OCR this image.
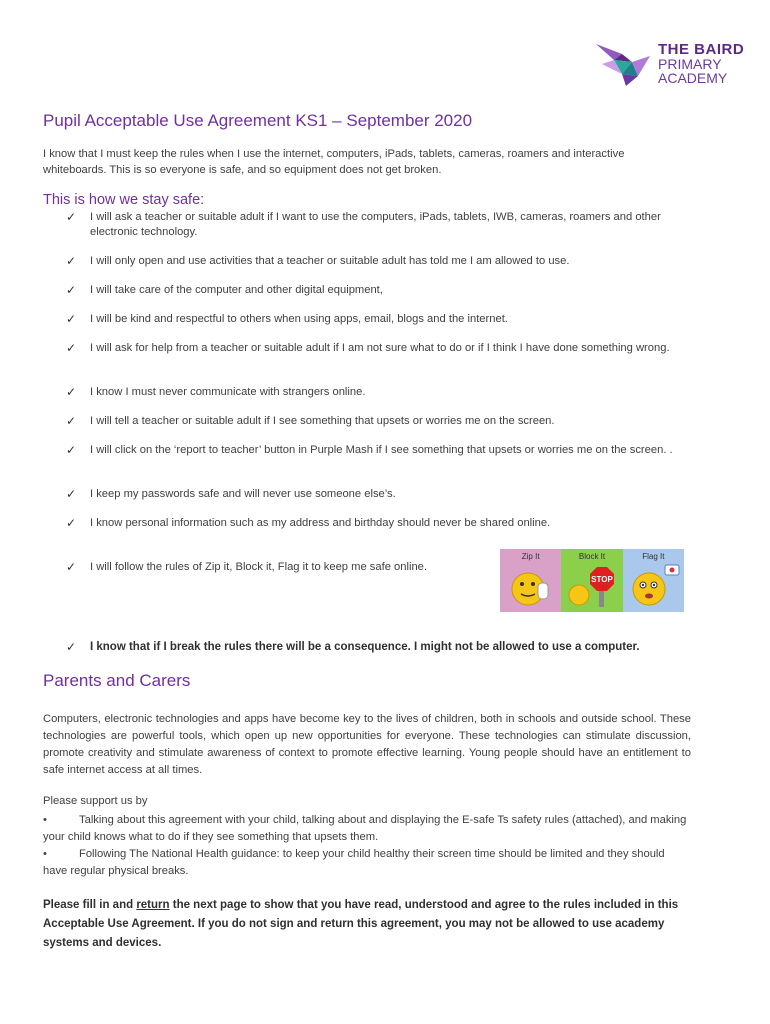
THE BAIRD
PRIMARY
ACADEMY
Pupil Acceptable Use Agreement KS1 – September 2020
I know that I must keep the rules when I use the internet, computers, iPads, tablets, cameras, roamers and interactive whiteboards. This is so everyone is safe, and so equipment does not get broken.
This is how we stay safe:
✓ I will ask a teacher or suitable adult if I want to use the computers, iPads, tablets, IWB, cameras, roamers and other electronic technology.
✓ I will only open and use activities that a teacher or suitable adult has told me I am allowed to use.
✓ I will take care of the computer and other digital equipment,
✓ I will be kind and respectful to others when using apps, email, blogs and the internet.
✓ I will ask for help from a teacher or suitable adult if I am not sure what to do or if I think I have done something wrong.
✓ I know I must never communicate with strangers online.
✓ I will tell a teacher or suitable adult if I see something that upsets or worries me on the screen.
✓ I will click on the ‘report to teacher’ button in Purple Mash if I see something that upsets or worries me on the screen. .
✓ I keep my passwords safe and will never use someone else’s.
✓ I know personal information such as my address and birthday should never be shared online.
✓ I will follow the rules of Zip it, Block it, Flag it to keep me safe online.
✓ I know that if I break the rules there will be a consequence. I might not be allowed to use a computer.
Zip It	Block It
STOP
Flag It
Parents and Carers
Computers, electronic technologies and apps have become key to the lives of children, both in schools and outside school. These technologies are powerful tools, which open up new opportunities for everyone. These technologies can stimulate discussion, promote creativity and stimulate awareness of context to promote effective learning. Young people should have an entitlement to safe internet access at all times.
Please support us by
•	Talking about this agreement with your child, talking about and displaying the E-safe Ts safety rules (attached), and making your child knows what to do if they see something that upsets them.
•	Following The National Health guidance: to keep your child healthy their screen time should be limited and they should have regular physical breaks.
Please fill in and return the next page to show that you have read, understood and agree to the rules included in this Acceptable Use Agreement. If you do not sign and return this agreement, you may not be allowed to use academy systems and devices.
